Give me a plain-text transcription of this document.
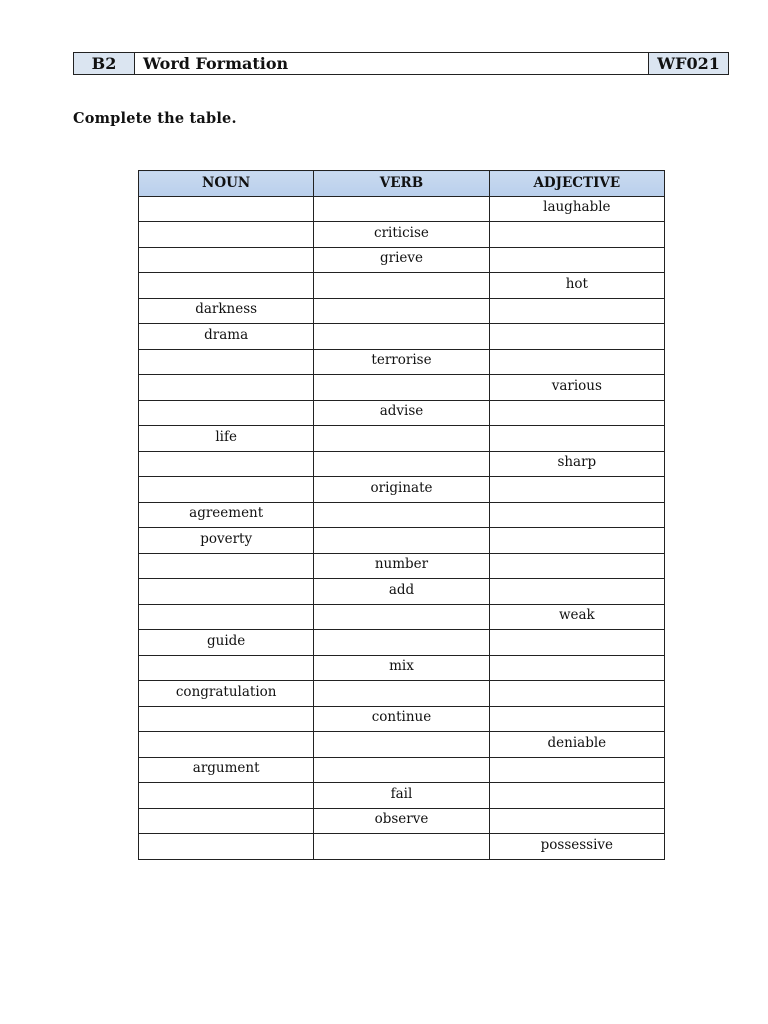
B2	Word Formation	WF021
Complete the table.
NOUN	VERB	ADJECTIVE
		laughable
	criticise	
	grieve	
		hot
darkness		
drama		
	terrorise	
		various
	advise	
life		
		sharp
	originate	
agreement		
poverty		
	number	
	add	
		weak
guide		
	mix	
congratulation		
	continue	
		deniable
argument		
	fail	
	observe	
		possessive
